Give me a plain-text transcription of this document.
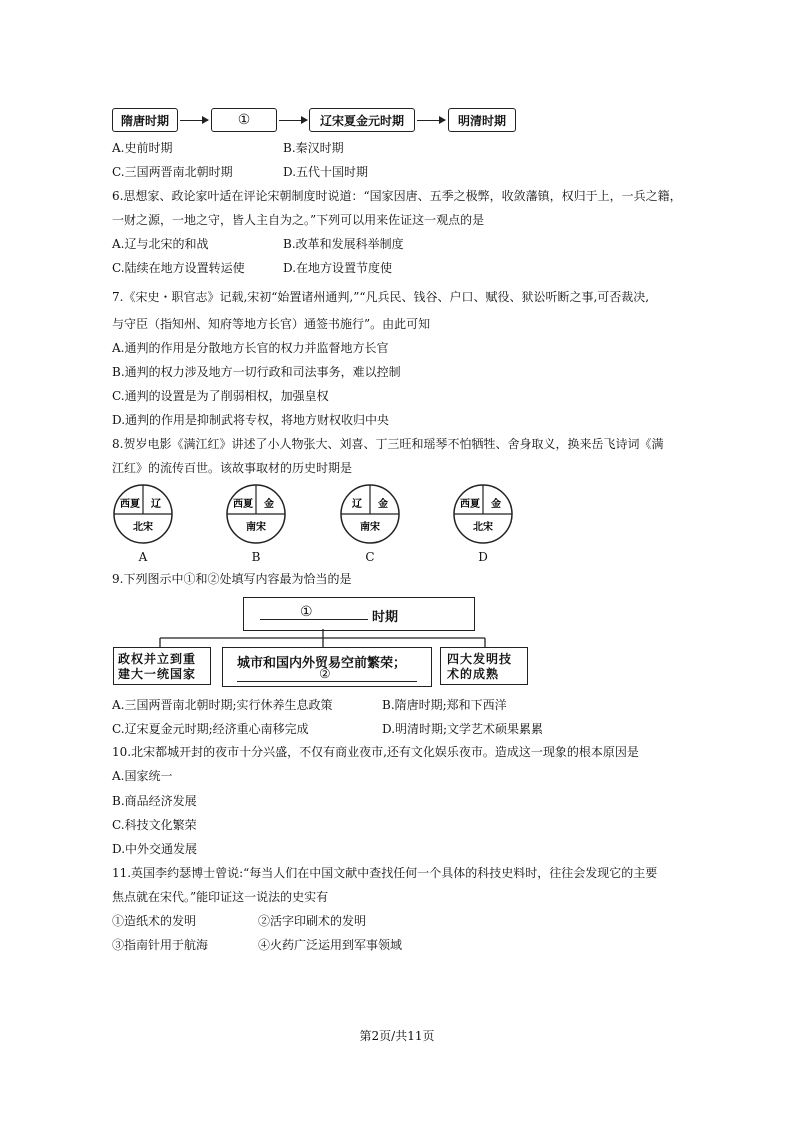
隋唐时期	①	辽宋夏金元时期	明清时期
A.史前时期	B.秦汉时期
C.三国两晋南北朝时期	D.五代十国时期
6.思想家、政论家叶适在评论宋朝制度时说道：“国家因唐、五季之极弊，收敛藩镇，权归于上，一兵之籍，
一财之源，一地之守，皆人主自为之。”下列可以用来佐证这一观点的是
A.辽与北宋的和战	B.改革和发展科举制度
C.陆续在地方设置转运使	D.在地方设置节度使
7.《宋史・职官志》记载,宋初“始置诸州通判,”“凡兵民、钱谷、户口、赋役、狱讼听断之事,可否裁决,
与守臣（指知州、知府等地方长官）通签书施行”。由此可知
A.通判的作用是分散地方长官的权力并监督地方长官
B.通判的权力涉及地方一切行政和司法事务，难以控制
C.通判的设置是为了削弱相权，加强皇权
D.通判的作用是抑制武将专权，将地方财权收归中央
8.贺岁电影《满江红》讲述了小人物张大、刘喜、丁三旺和瑶琴不怕牺牲、舍身取义，换来岳飞诗词《满
江红》的流传百世。该故事取材的历史时期是
西夏 辽
北宋
A
西夏 金
南宋
B
辽 金
南宋
C
西夏 金
北宋
D
9.下列图示中①和②处填写内容最为恰当的是
①	时期
政权并立到重建大一统国家
城市和国内外贸易空前繁荣；
②
四大发明技术的成熟
A.三国两晋南北朝时期;实行休养生息政策	B.隋唐时期;郑和下西洋
C.辽宋夏金元时期;经济重心南移完成	D.明清时期;文学艺术硕果累累
10.北宋都城开封的夜市十分兴盛，不仅有商业夜市,还有文化娱乐夜市。造成这一现象的根本原因是
A.国家统一
B.商品经济发展
C.科技文化繁荣
D.中外交通发展
11.英国李约瑟博士曾说:“每当人们在中国文献中查找任何一个具体的科技史料时，往往会发现它的主要
焦点就在宋代。”能印证这一说法的史实有
①造纸术的发明	②活字印刷术的发明
③指南针用于航海	④火药广泛运用到军事领域
第2页/共11页
